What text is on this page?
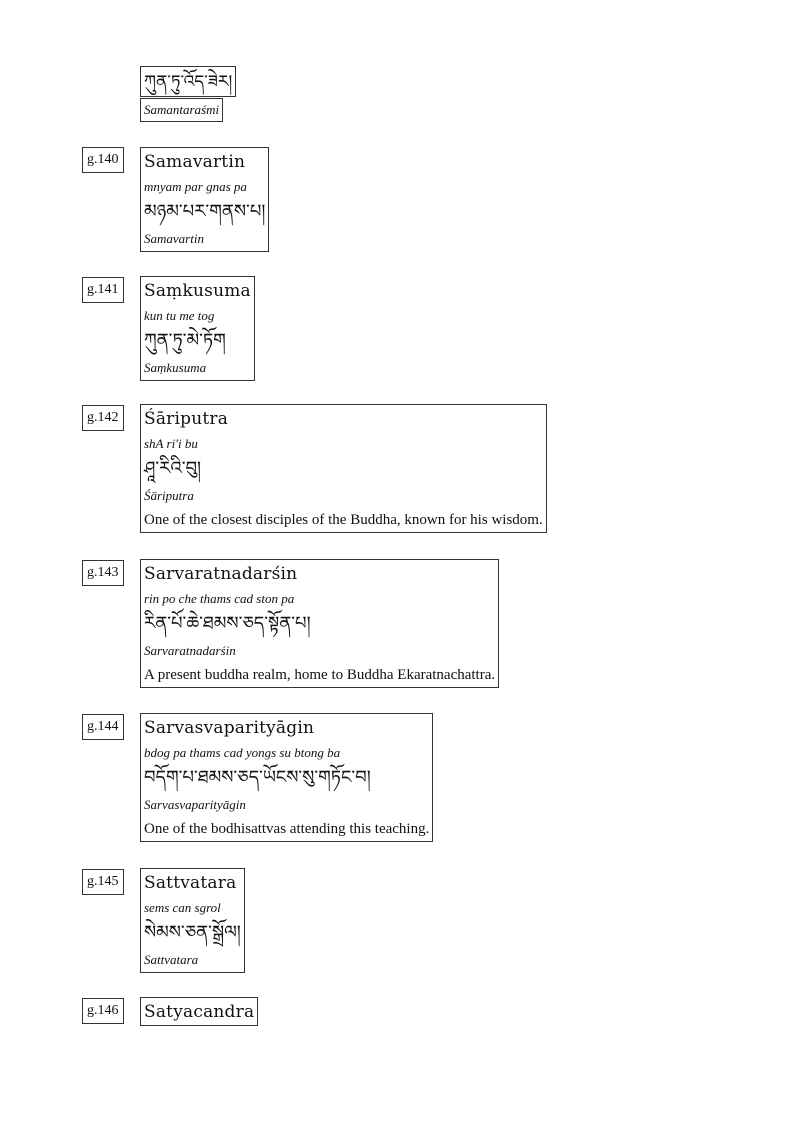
ཀུན་ཏུ་འོད་ཟེར།
Samantaraśmi
g.140 Samavartin
mnyam par gnas pa
མཉམ་པར་གནས་པ།
Samavartin
g.141 Saṃkusuma
kun tu me tog
ཀུན་ཏུ་མེ་ཏོག
Saṃkusuma
g.142 Śāriputra
shA ri'i bu
ཤཱ་རིའི་བུ།
Śāriputra
One of the closest disciples of the Buddha, known for his wisdom.
g.143 Sarvaratnadarśin
rin po che thams cad ston pa
རིན་པོ་ཆེ་ཐམས་ཅད་སྟོན་པ།
Sarvaratnadarśin
A present buddha realm, home to Buddha Ekaratnachattra.
g.144 Sarvasvaparityāgin
bdog pa thams cad yongs su btong ba
བདོག་པ་ཐམས་ཅད་ཡོངས་སུ་གཏོང་བ།
Sarvasvaparityāgin
One of the bodhisattvas attending this teaching.
g.145 Sattvatara
sems can sgrol
སེམས་ཅན་སྒྲོལ།
Sattvatara
g.146 Satyacandra
